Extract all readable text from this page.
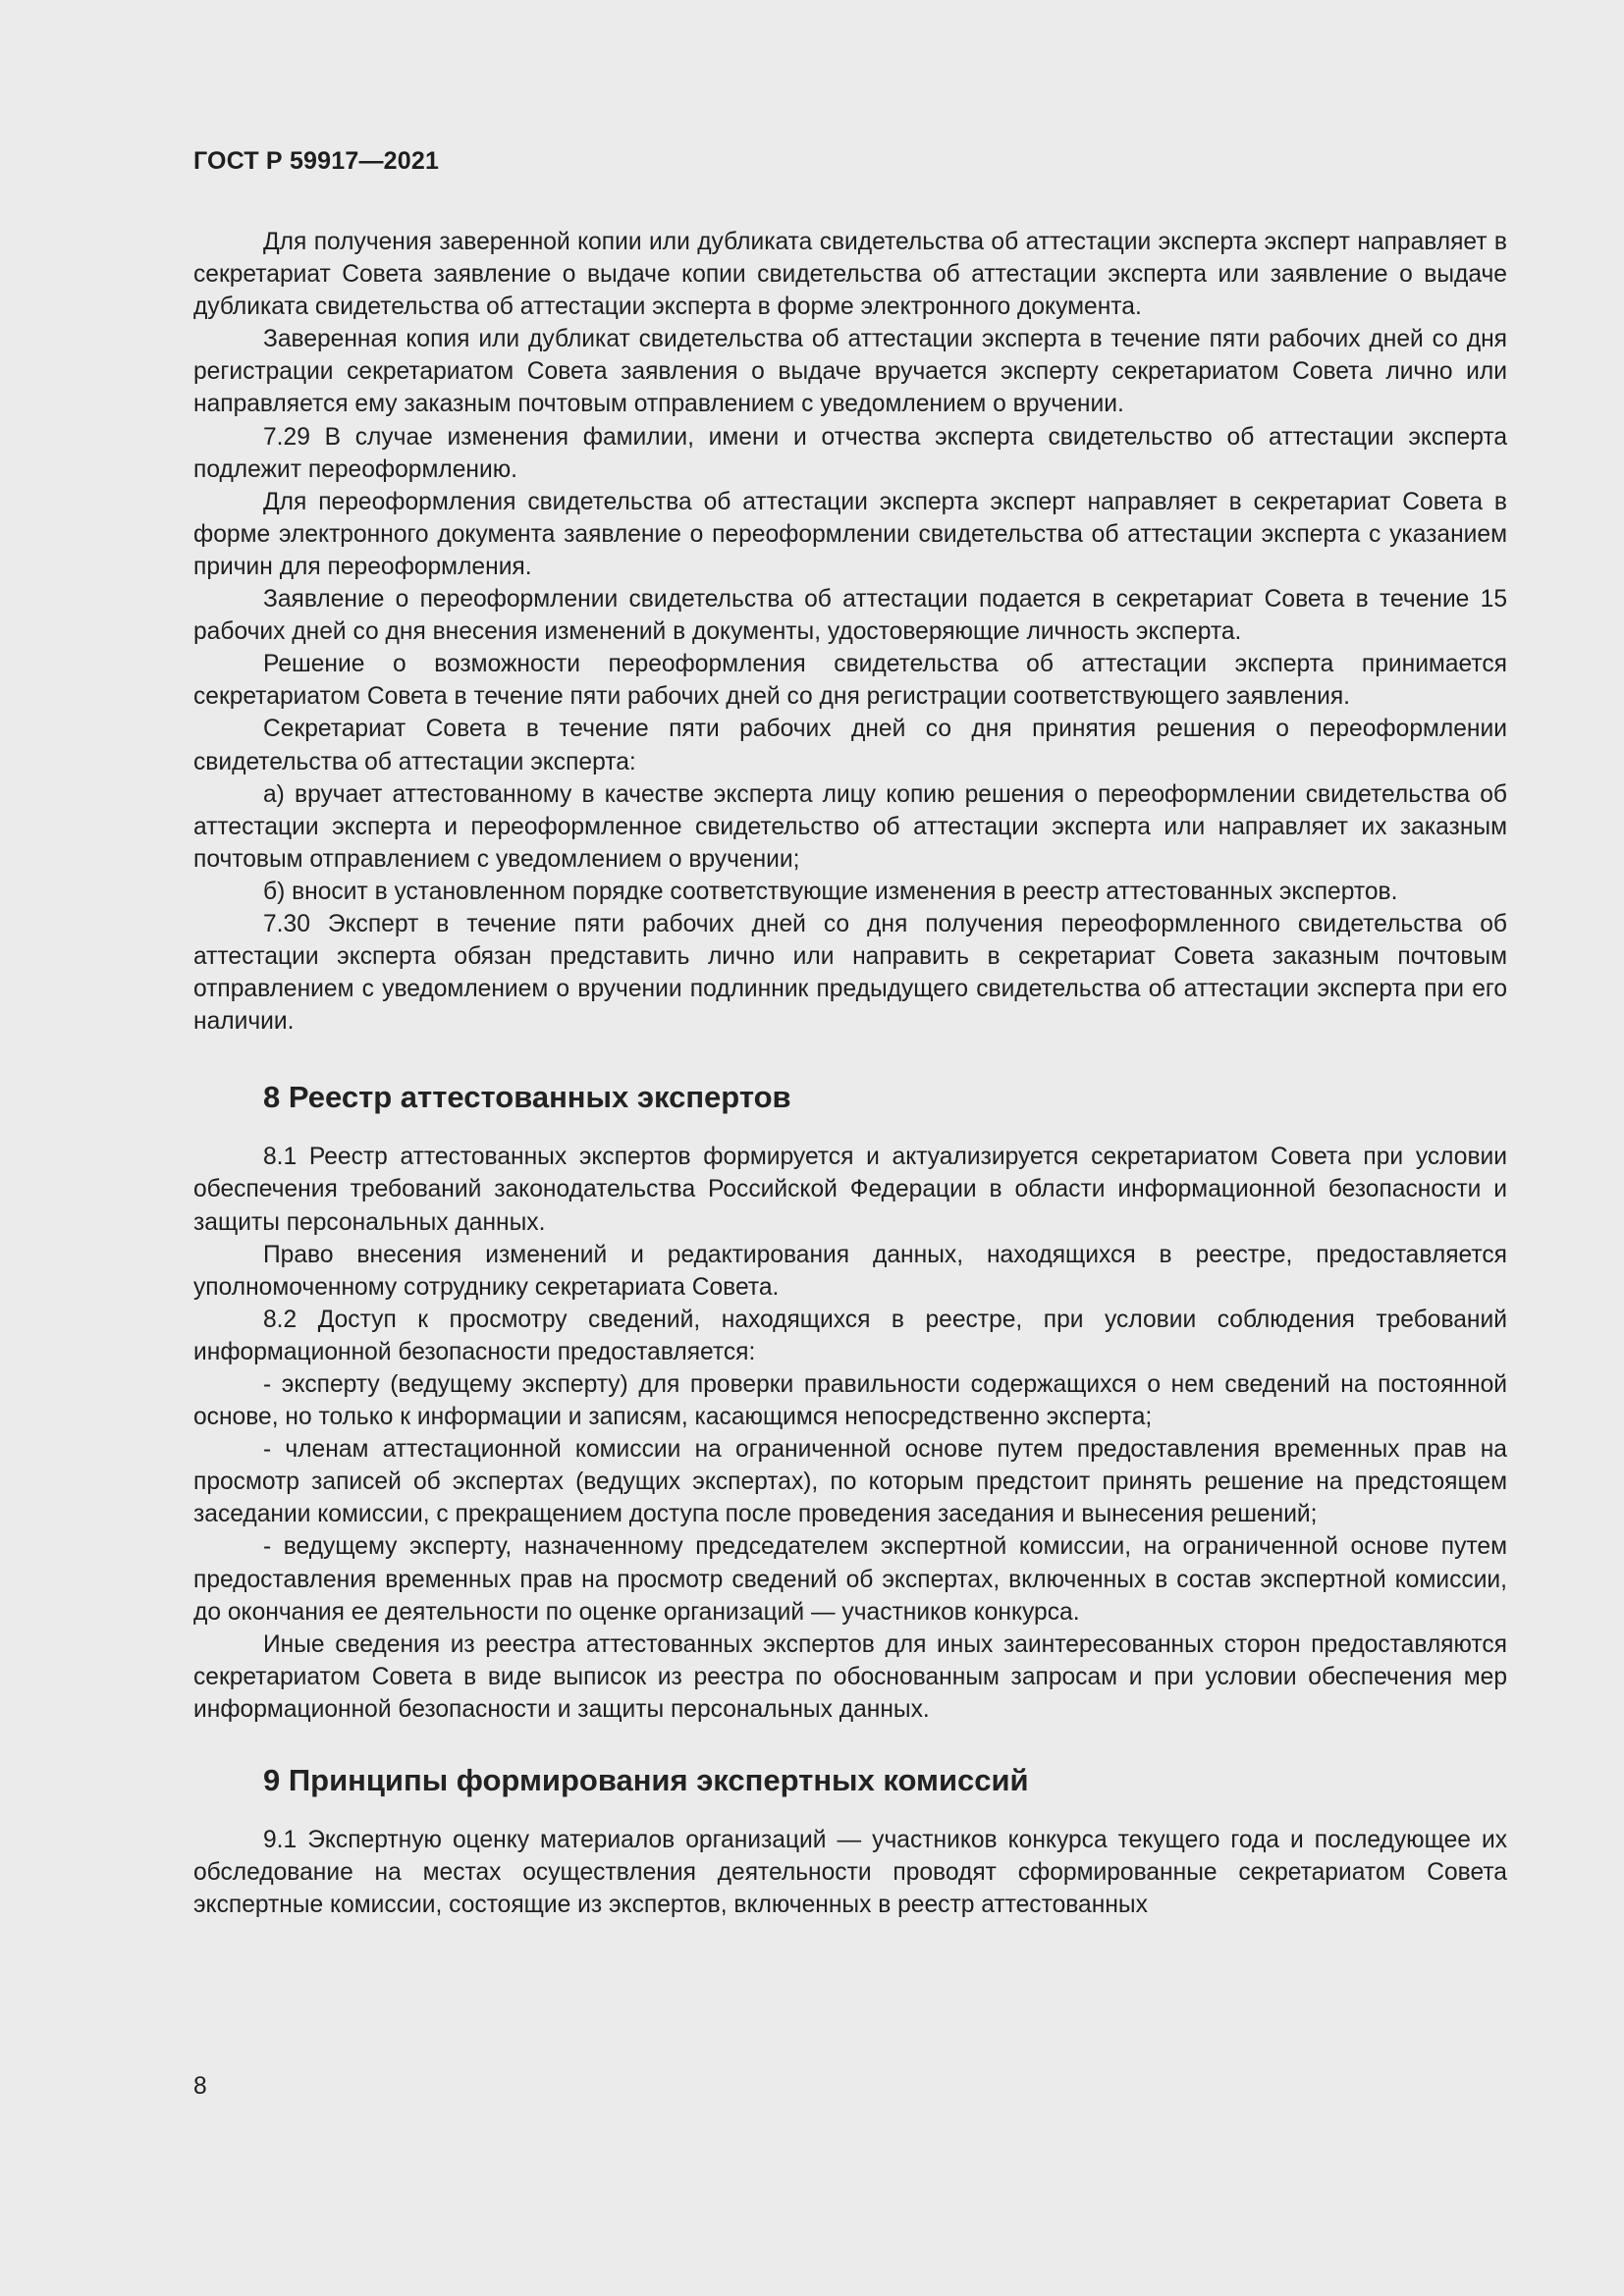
ГОСТ Р 59917—2021

Для получения заверенной копии или дубликата свидетельства об аттестации эксперта эксперт направляет в секретариат Совета заявление о выдаче копии свидетельства об аттестации эксперта или заявление о выдаче дубликата свидетельства об аттестации эксперта в форме электронного документа.

Заверенная копия или дубликат свидетельства об аттестации эксперта в течение пяти рабочих дней со дня регистрации секретариатом Совета заявления о выдаче вручается эксперту секретариатом Совета лично или направляется ему заказным почтовым отправлением с уведомлением о вручении.

7.29 В случае изменения фамилии, имени и отчества эксперта свидетельство об аттестации эксперта подлежит переоформлению.

Для переоформления свидетельства об аттестации эксперта эксперт направляет в секретариат Совета в форме электронного документа заявление о переоформлении свидетельства об аттестации эксперта с указанием причин для переоформления.

Заявление о переоформлении свидетельства об аттестации подается в секретариат Совета в течение 15 рабочих дней со дня внесения изменений в документы, удостоверяющие личность эксперта.

Решение о возможности переоформления свидетельства об аттестации эксперта принимается секретариатом Совета в течение пяти рабочих дней со дня регистрации соответствующего заявления.

Секретариат Совета в течение пяти рабочих дней со дня принятия решения о переоформлении свидетельства об аттестации эксперта:

а) вручает аттестованному в качестве эксперта лицу копию решения о переоформлении свидетельства об аттестации эксперта и переоформленное свидетельство об аттестации эксперта или направляет их заказным почтовым отправлением с уведомлением о вручении;

б) вносит в установленном порядке соответствующие изменения в реестр аттестованных экспертов.

7.30 Эксперт в течение пяти рабочих дней со дня получения переоформленного свидетельства об аттестации эксперта обязан представить лично или направить в секретариат Совета заказным почтовым отправлением с уведомлением о вручении подлинник предыдущего свидетельства об аттестации эксперта при его наличии.

8 Реестр аттестованных экспертов

8.1 Реестр аттестованных экспертов формируется и актуализируется секретариатом Совета при условии обеспечения требований законодательства Российской Федерации в области информационной безопасности и защиты персональных данных.

Право внесения изменений и редактирования данных, находящихся в реестре, предоставляется уполномоченному сотруднику секретариата Совета.

8.2 Доступ к просмотру сведений, находящихся в реестре, при условии соблюдения требований информационной безопасности предоставляется:

- эксперту (ведущему эксперту) для проверки правильности содержащихся о нем сведений на постоянной основе, но только к информации и записям, касающимся непосредственно эксперта;

- членам аттестационной комиссии на ограниченной основе путем предоставления временных прав на просмотр записей об экспертах (ведущих экспертах), по которым предстоит принять решение на предстоящем заседании комиссии, с прекращением доступа после проведения заседания и вынесения решений;

- ведущему эксперту, назначенному председателем экспертной комиссии, на ограниченной основе путем предоставления временных прав на просмотр сведений об экспертах, включенных в состав экспертной комиссии, до окончания ее деятельности по оценке организаций — участников конкурса.

Иные сведения из реестра аттестованных экспертов для иных заинтересованных сторон предоставляются секретариатом Совета в виде выписок из реестра по обоснованным запросам и при условии обеспечения мер информационной безопасности и защиты персональных данных.

9 Принципы формирования экспертных комиссий

9.1 Экспертную оценку материалов организаций — участников конкурса текущего года и последующее их обследование на местах осуществления деятельности проводят сформированные секретариатом Совета экспертные комиссии, состоящие из экспертов, включенных в реестр аттестованных

8
